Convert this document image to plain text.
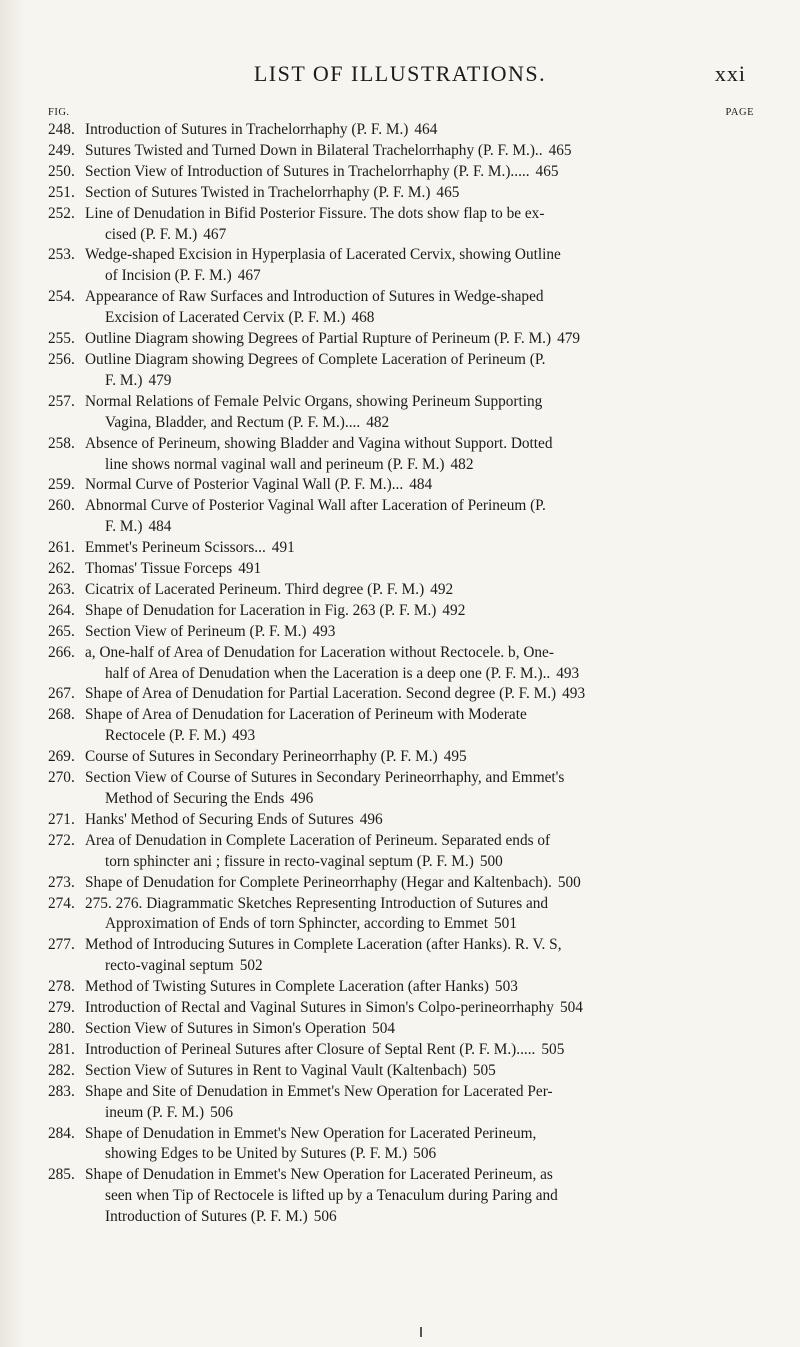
LIST OF ILLUSTRATIONS.	xxi
FIG.	PAGE
248. Introduction of Sutures in Trachelorrhaphy (P. F. M.) 464
249. Sutures Twisted and Turned Down in Bilateral Trachelorrhaphy (P. F. M.).. 465
250. Section View of Introduction of Sutures in Trachelorrhaphy (P. F. M.)..... 465
251. Section of Sutures Twisted in Trachelorrhaphy (P. F. M.) 465
252. Line of Denudation in Bifid Posterior Fissure. The dots show flap to be ex-
cised (P. F. M.) 467
253. Wedge-shaped Excision in Hyperplasia of Lacerated Cervix, showing Outline
of Incision (P. F. M.) 467
254. Appearance of Raw Surfaces and Introduction of Sutures in Wedge-shaped
Excision of Lacerated Cervix (P. F. M.) 468
255. Outline Diagram showing Degrees of Partial Rupture of Perineum (P. F. M.) 479
256. Outline Diagram showing Degrees of Complete Laceration of Perineum (P.
F. M.) 479
257. Normal Relations of Female Pelvic Organs, showing Perineum Supporting
Vagina, Bladder, and Rectum (P. F. M.).... 482
258. Absence of Perineum, showing Bladder and Vagina without Support. Dotted
line shows normal vaginal wall and perineum (P. F. M.) 482
259. Normal Curve of Posterior Vaginal Wall (P. F. M.)... 484
260. Abnormal Curve of Posterior Vaginal Wall after Laceration of Perineum (P.
F. M.) 484
261. Emmet's Perineum Scissors... 491
262. Thomas' Tissue Forceps 491
263. Cicatrix of Lacerated Perineum. Third degree (P. F. M.) 492
264. Shape of Denudation for Laceration in Fig. 263 (P. F. M.) 492
265. Section View of Perineum (P. F. M.) 493
266. a, One-half of Area of Denudation for Laceration without Rectocele. b, One-
half of Area of Denudation when the Laceration is a deep one (P. F. M.).. 493
267. Shape of Area of Denudation for Partial Laceration. Second degree (P. F. M.) 493
268. Shape of Area of Denudation for Laceration of Perineum with Moderate
Rectocele (P. F. M.) 493
269. Course of Sutures in Secondary Perineorrhaphy (P. F. M.) 495
270. Section View of Course of Sutures in Secondary Perineorrhaphy, and Emmet's
Method of Securing the Ends 496
271. Hanks' Method of Securing Ends of Sutures 496
272. Area of Denudation in Complete Laceration of Perineum. Separated ends of
torn sphincter ani ; fissure in recto-vaginal septum (P. F. M.) 500
273. Shape of Denudation for Complete Perineorrhaphy (Hegar and Kaltenbach). 500
274. 275. 276. Diagrammatic Sketches Representing Introduction of Sutures and
Approximation of Ends of torn Sphincter, according to Emmet 501
277. Method of Introducing Sutures in Complete Laceration (after Hanks). R. V. S,
recto-vaginal septum 502
278. Method of Twisting Sutures in Complete Laceration (after Hanks) 503
279. Introduction of Rectal and Vaginal Sutures in Simon's Colpo-perineorrhaphy 504
280. Section View of Sutures in Simon's Operation 504
281. Introduction of Perineal Sutures after Closure of Septal Rent (P. F. M.)..... 505
282. Section View of Sutures in Rent to Vaginal Vault (Kaltenbach) 505
283. Shape and Site of Denudation in Emmet's New Operation for Lacerated Per-
ineum (P. F. M.) 506
284. Shape of Denudation in Emmet's New Operation for Lacerated Perineum,
showing Edges to be United by Sutures (P. F. M.) 506
285. Shape of Denudation in Emmet's New Operation for Lacerated Perineum, as
seen when Tip of Rectocele is lifted up by a Tenaculum during Paring and
Introduction of Sutures (P. F. M.) 506
